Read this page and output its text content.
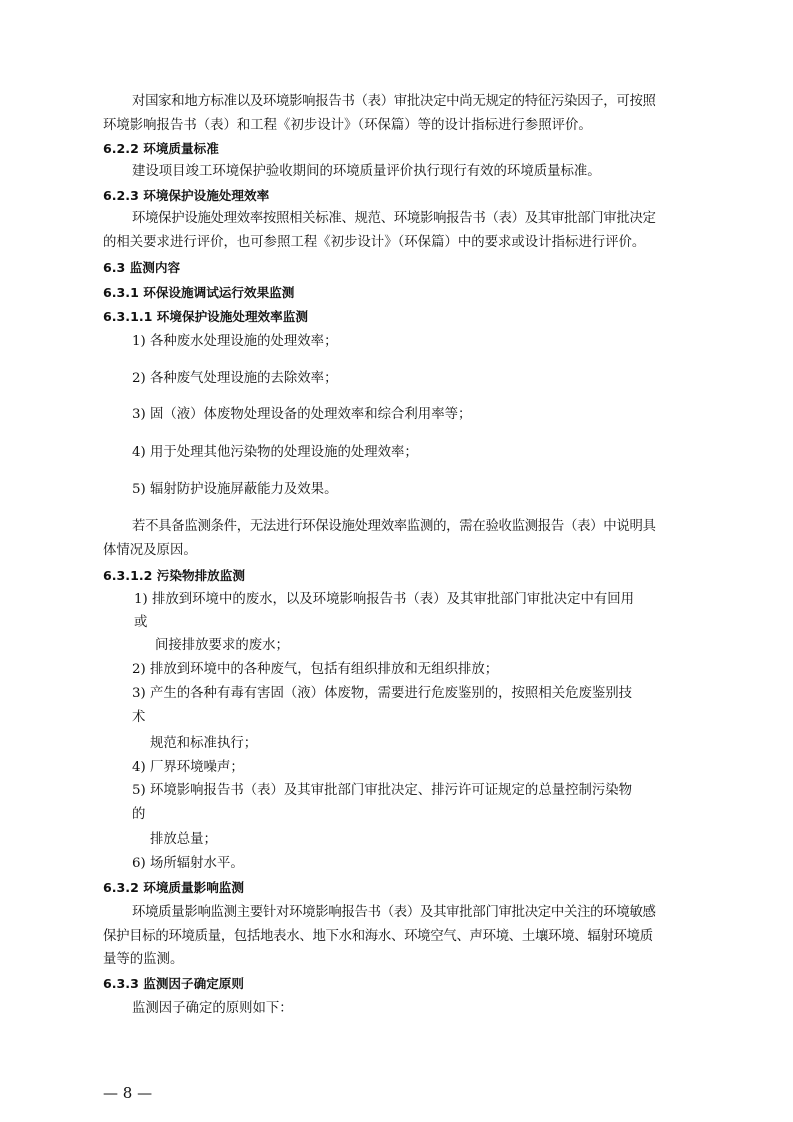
对国家和地方标准以及环境影响报告书（表）审批决定中尚无规定的特征污染因子，可按照
环境影响报告书（表）和工程《初步设计》（环保篇）等的设计指标进行参照评价。
6.2.2 环境质量标准
建设项目竣工环境保护验收期间的环境质量评价执行现行有效的环境质量标准。
6.2.3 环境保护设施处理效率
环境保护设施处理效率按照相关标准、规范、环境影响报告书（表）及其审批部门审批决定
的相关要求进行评价，也可参照工程《初步设计》（环保篇）中的要求或设计指标进行评价。
6.3 监测内容
6.3.1 环保设施调试运行效果监测
6.3.1.1 环境保护设施处理效率监测
1) 各种废水处理设施的处理效率；
2) 各种废气处理设施的去除效率；
3) 固（液）体废物处理设备的处理效率和综合利用率等；
4) 用于处理其他污染物的处理设施的处理效率；
5) 辐射防护设施屏蔽能力及效果。
若不具备监测条件，无法进行环保设施处理效率监测的，需在验收监测报告（表）中说明具
体情况及原因。
6.3.1.2 污染物排放监测
1) 排放到环境中的废水，以及环境影响报告书（表）及其审批部门审批决定中有回用
或
间接排放要求的废水；
2) 排放到环境中的各种废气，包括有组织排放和无组织排放；
3) 产生的各种有毒有害固（液）体废物，需要进行危废鉴别的，按照相关危废鉴别技
术
规范和标准执行；
4) 厂界环境噪声；
5) 环境影响报告书（表）及其审批部门审批决定、排污许可证规定的总量控制污染物
的
排放总量；
6) 场所辐射水平。
6.3.2 环境质量影响监测
环境质量影响监测主要针对环境影响报告书（表）及其审批部门审批决定中关注的环境敏感
保护目标的环境质量，包括地表水、地下水和海水、环境空气、声环境、土壤环境、辐射环境质
量等的监测。
6.3.3 监测因子确定原则
监测因子确定的原则如下：
— 8 —
